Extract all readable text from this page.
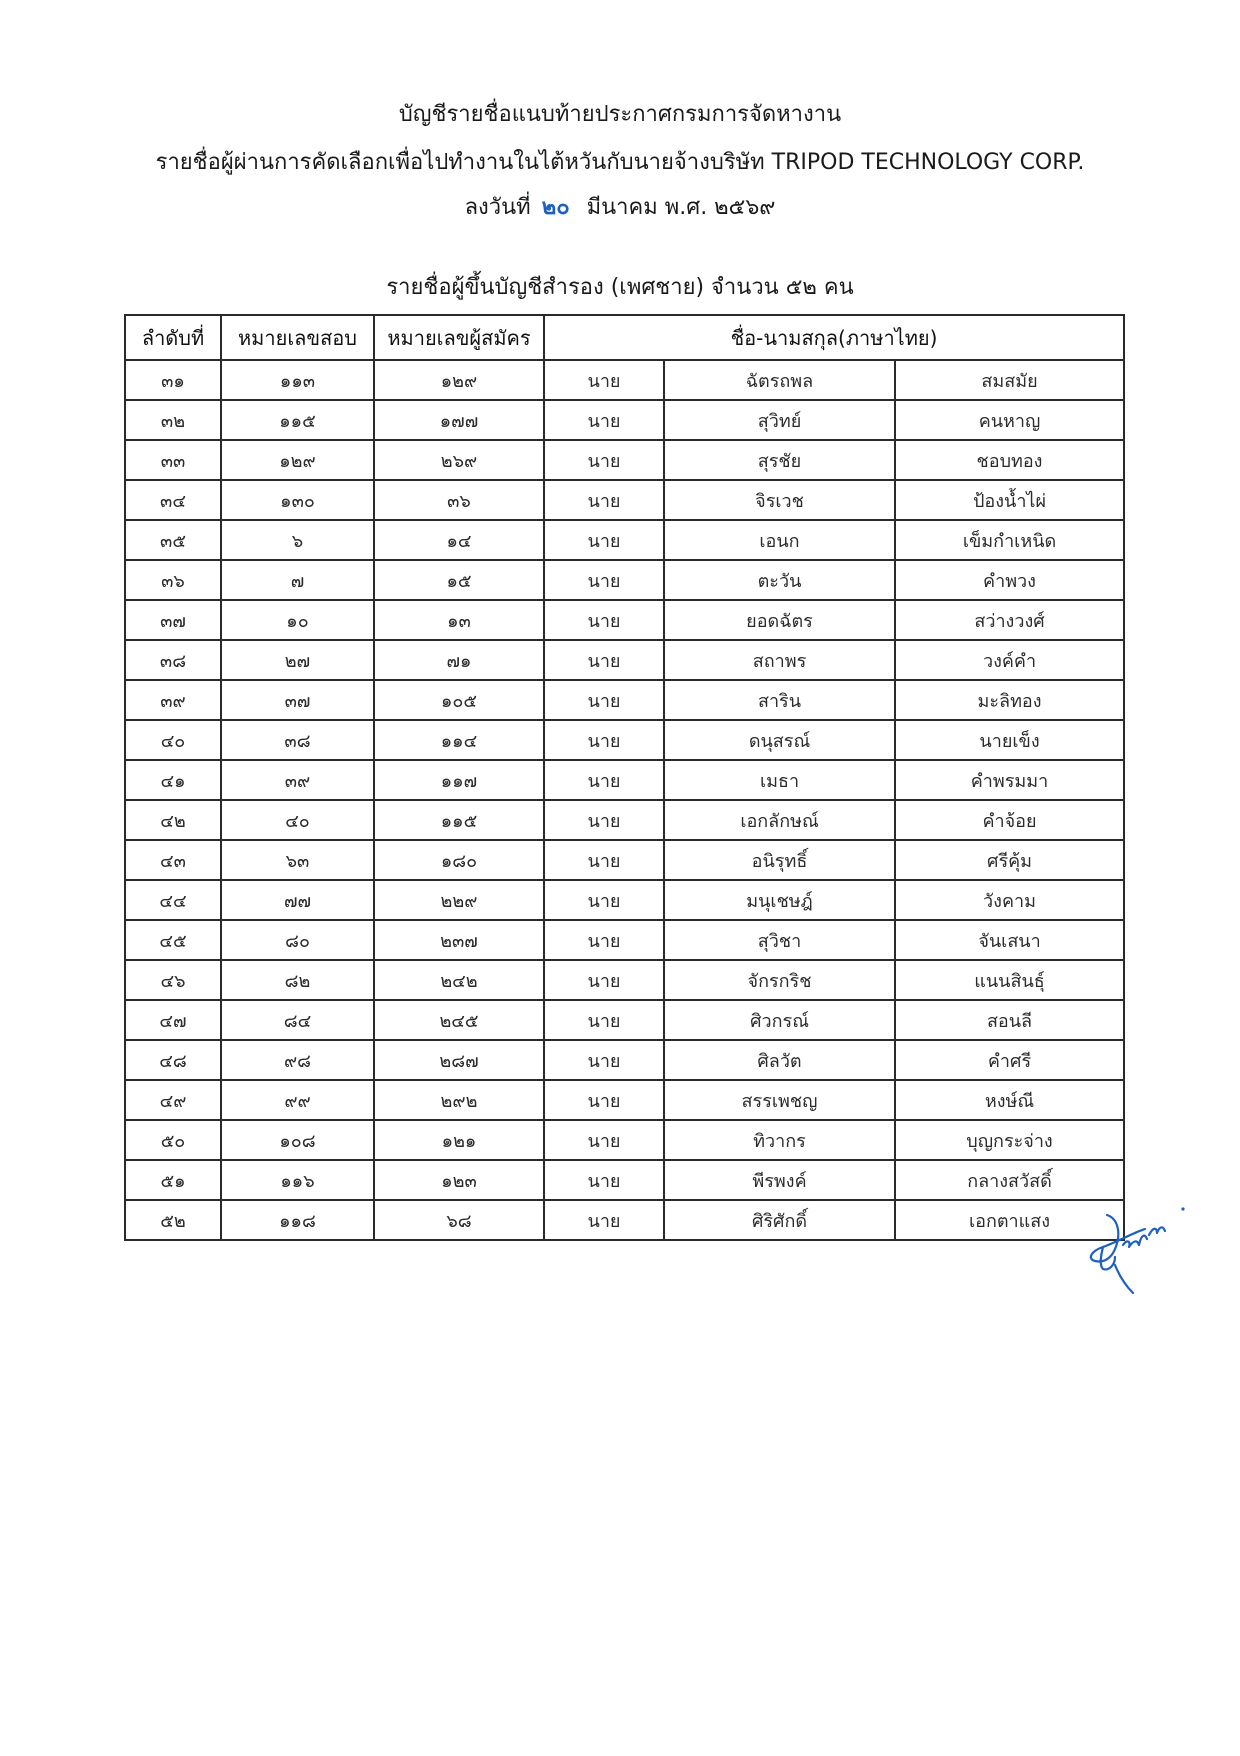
บัญชีรายชื่อแนบท้ายประกาศกรมการจัดหางาน
รายชื่อผู้ผ่านการคัดเลือกเพื่อไปทำงานในไต้หวันกับนายจ้างบริษัท TRIPOD TECHNOLOGY CORP.
ลงวันที่ ๒๐ มีนาคม พ.ศ. ๒๕๖๙
รายชื่อผู้ขึ้นบัญชีสำรอง (เพศชาย) จำนวน ๕๒ คน
ลำดับที่	หมายเลขสอบ	หมายเลขผู้สมัคร	ชื่อ-นามสกุล(ภาษาไทย)		
๓๑	๑๑๓	๑๒๙	นาย	ฉัตรถพล	สมสมัย
๓๒	๑๑๕	๑๗๗	นาย	สุวิทย์	คนหาญ
๓๓	๑๒๙	๒๖๙	นาย	สุรชัย	ชอบทอง
๓๔	๑๓๐	๓๖	นาย	จิรเวช	ป้องน้ำไผ่
๓๕	๖	๑๔	นาย	เอนก	เข็มกำเหนิด
๓๖	๗	๑๕	นาย	ตะวัน	คำพวง
๓๗	๑๐	๑๓	นาย	ยอดฉัตร	สว่างวงศ์
๓๘	๒๗	๗๑	นาย	สถาพร	วงค์คำ
๓๙	๓๗	๑๐๕	นาย	สาริน	มะลิทอง
๔๐	๓๘	๑๑๔	นาย	ดนุสรณ์	นายเข็ง
๔๑	๓๙	๑๑๗	นาย	เมธา	คำพรมมา
๔๒	๔๐	๑๑๕	นาย	เอกลักษณ์	คำจ้อย
๔๓	๖๓	๑๘๐	นาย	อนิรุทธิ์	ศรีคุ้ม
๔๔	๗๗	๒๒๙	นาย	มนุเชษฎ์	วังคาม
๔๕	๘๐	๒๓๗	นาย	สุวิชา	จันเสนา
๔๖	๘๒	๒๔๒	นาย	จักรกริช	แนนสินธุ์
๔๗	๘๔	๒๔๕	นาย	ศิวกรณ์	สอนลี
๔๘	๙๘	๒๘๗	นาย	ศิลวัต	คำศรี
๔๙	๙๙	๒๙๒	นาย	สรรเพชญ	หงษ์ณี
๕๐	๑๐๘	๑๒๑	นาย	ทิวากร	บุญกระจ่าง
๕๑	๑๑๖	๑๒๓	นาย	พีรพงค์	กลางสวัสดิ์
๕๒	๑๑๘	๖๘	นาย	ศิริศักดิ์	เอกตาแสง
